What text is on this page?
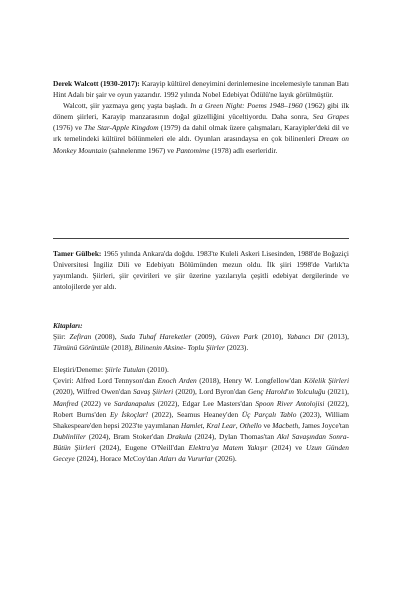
Derek Walcott (1930-2017): Karayip kültürel deneyimini derinlemesine incelemesiyle tanınan Batı Hint Adalı bir şair ve oyun yazarıdır. 1992 yılında Nobel Edebiyat Ödülü'ne layık görülmüştür.

Walcott, şiir yazmaya genç yaşta başladı. In a Green Night: Poems 1948–1960 (1962) gibi ilk dönem şiirleri, Karayip manzarasının doğal güzelliğini yüceltiyordu. Daha sonra, Sea Grapes (1976) ve The Star-Apple Kingdom (1979) da dahil olmak üzere çalışmaları, Karayipler'deki dil ve ırk temelindeki kültürel bölünmeleri ele aldı. Oyunları arasındaysa en çok bilinenleri Dream on Monkey Mountain (sahnelenme 1967) ve Pantomime (1978) adlı eserleridir.

Tamer Gülbek: 1965 yılında Ankara'da doğdu. 1983'te Kuleli Askeri Lisesinden, 1988'de Boğaziçi Üniversitesi İngiliz Dili ve Edebiyatı Bölümünden mezun oldu. İlk şiiri 1998'de Varlık'ta yayımlandı. Şiirleri, şiir çevirileri ve şiir üzerine yazılarıyla çeşitli edebiyat dergilerinde ve antolojilerde yer aldı.

Kitapları:

Şiir: Zefiran (2008), Suda Tuhaf Hareketler (2009), Güven Park (2010), Yabancı Dil (2013), Tümünü Görüntüle (2018), Bilinenin Aksine- Toplu Şiirler (2023).

Eleştiri/Deneme: Şiirle Tutulan (2010).

Çeviri: Alfred Lord Tennyson'dan Enoch Arden (2018), Henry W. Longfellow'dan Kölelik Şiirleri (2020), Wilfred Owen'dan Savaş Şiirleri (2020), Lord Byron'dan Genç Harold'ın Yolculuğu (2021), Manfred (2022) ve Sardanapalus (2022), Edgar Lee Masters'dan Spoon River Antolojisi (2022), Robert Burns'den Ey İskoçlar! (2022), Seamus Heaney'den Üç Parçalı Tablo (2023), William Shakespeare'den hepsi 2023'te yayımlanan Hamlet, Kral Lear, Othello ve Macbeth, James Joyce'tan Dublinliler (2024), Bram Stoker'dan Drakula (2024), Dylan Thomas'tan Akıl Savaşından Sonra- Bütün Şiirleri (2024), Eugene O'Neill'dan Elektra'ya Matem Yakışır (2024) ve Uzun Günden Geceye (2024), Horace McCoy'dan Atları da Vururlar (2026).
